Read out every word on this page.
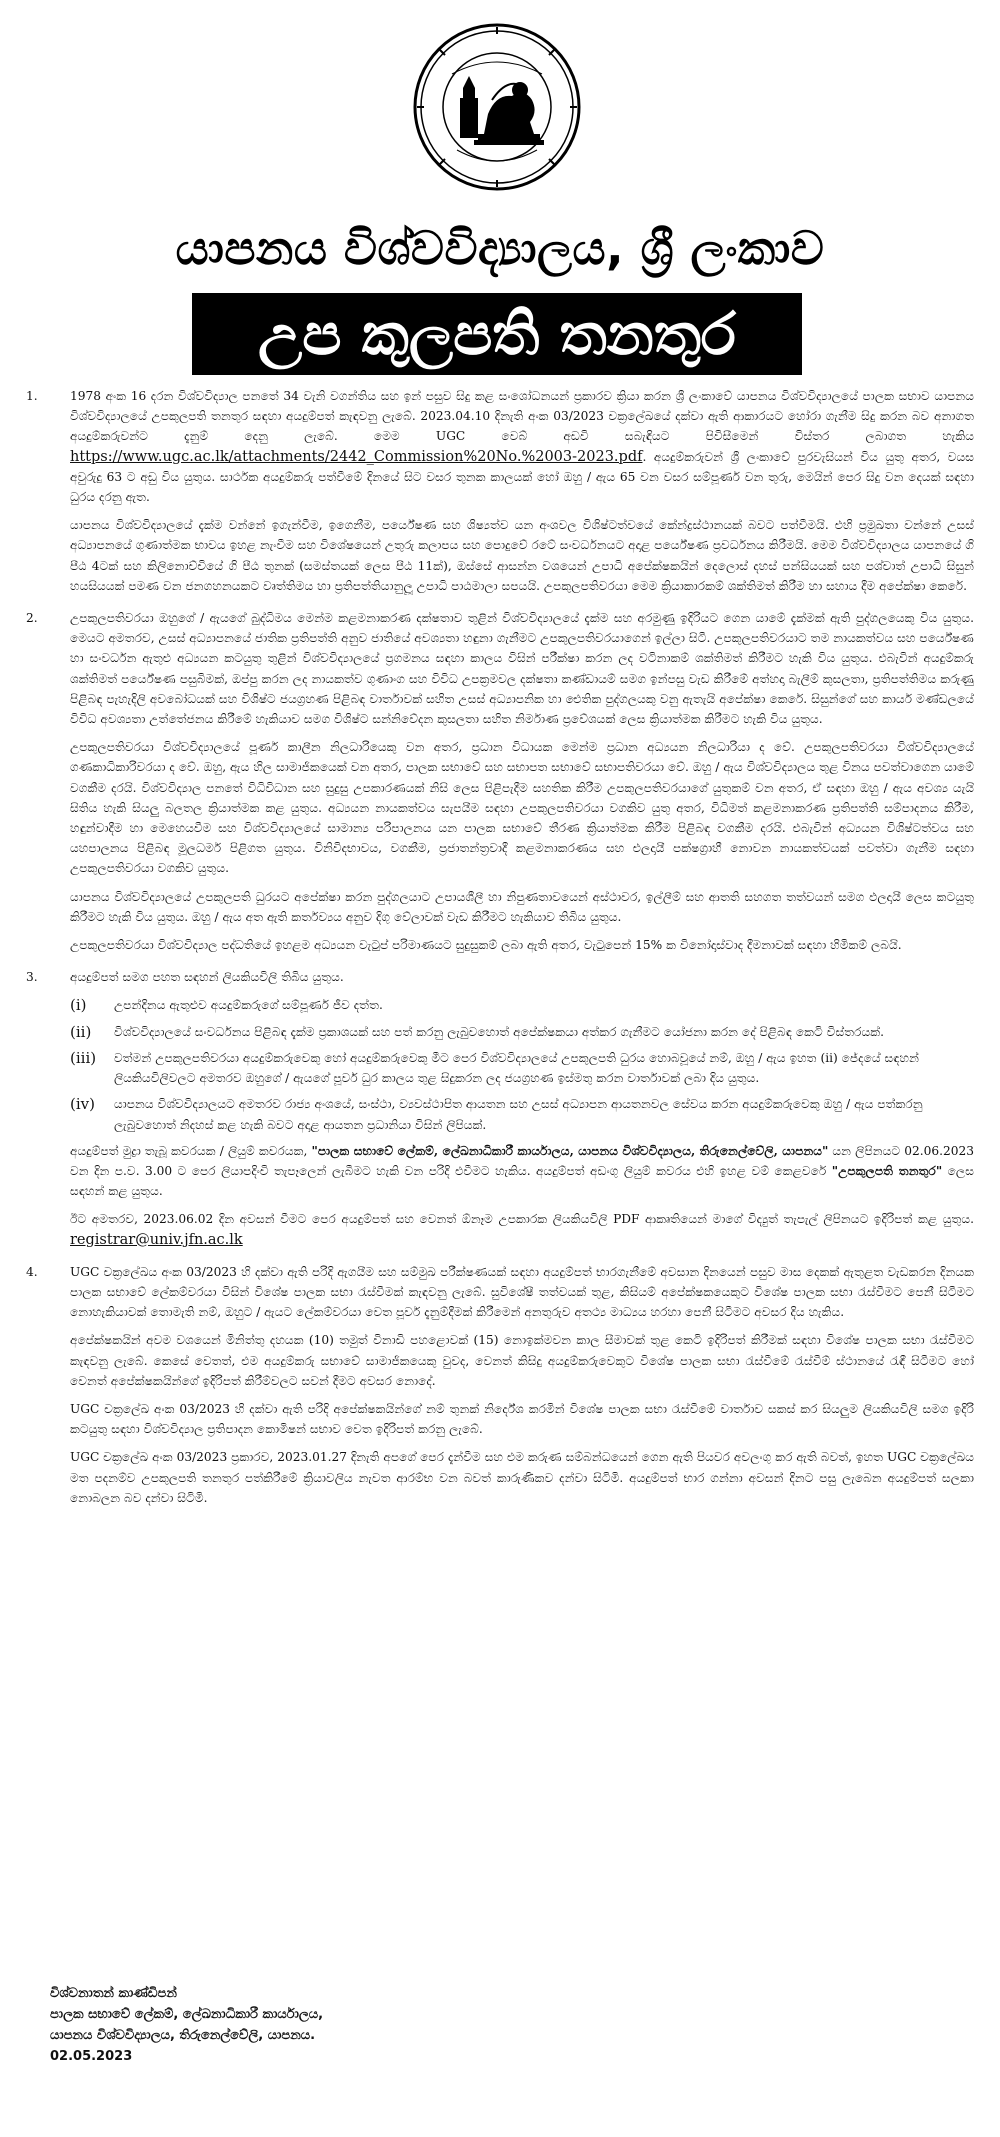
යාපනය විශ්වවිද්‍යාලය, ශ්‍රී ලංකාව
උප කුලපති තනතුර
1.	1978 අංක 16 දරන විශ්වවිද්‍යාල පනතේ 34 වැනි වගන්තිය සහ ඉන් පසුව සිදු කළ සංශෝධනයන් ප්‍රකාරව ක්‍රියා කරන ශ්‍රී ලංකාවේ යාපනය විශ්වවිද්‍යාලයේ පාලක සභාව යාපනය විශ්වවිද්‍යාලයේ උපකුලපති තනතුර සඳහා අයදුම්පත් කැඳවනු ලැබේ. 2023.04.10 දිනැති අංක 03/2023 චක්‍රලේඛයේ දක්වා ඇති ආකාරයට හෝරා ගැනීම සිදු කරන බව අනාගත අයදුම්කරුවන්ට දැනුම් දෙනු ලැබේ. මෙම UGC වෙබ් අඩවි සබැඳියට පිවිසීමෙන් විස්තර ලබාගත හැකිය https://www.ugc.ac.lk/attachments/2442_Commission%20No.%2003-2023.pdf. අයදුම්කරුවන් ශ්‍රී ලංකාවේ පුරවැසියන් විය යුතු අතර, වයස අවුරුදු 63 ට අඩු විය යුතුය. සාර්ථක අයදුම්කරු පත්වීමේ දිනයේ සිට වසර තුනක කාලයක් හෝ ඔහු / ඇය 65 වන වසර සම්පූර්ණ වන තුරු, මෙයින් පෙර සිදු වන දෙයක් සඳහා ධුරය දරනු ඇත.

යාපනය විශ්වවිද්‍යාලයේ දැක්ම වන්නේ ඉගැන්වීම, ඉගෙනීම, පර්යේෂණ සහ ශිෂ්‍යත්ව යන අංශවල විශිෂ්ටත්වයේ කේන්ද්‍රස්ථානයක් බවට පත්වීමයි. එහි ප්‍රමුඛතා වන්නේ උසස් අධ්‍යාපනයේ ගුණාත්මක භාවය ඉහළ නැංවීම සහ විශේෂයෙන් උතුරු කලාපය සහ පොදුවේ රටේ සංවර්ධනයට අදාළ පර්යේෂණ ප්‍රවර්ධනය කිරීමයි. මෙම විශ්වවිද්‍යාලය යාපනයේ ගි පීඨ 4ටක් සහ කිලිනොච්චියේ ගි පීඨ තුනක් (සමස්තයක් ලෙස පීඨ 11ක්), ඔස්සේ ආසන්න වශයෙන් උපාධි අපේක්ෂකයින් දෙලොස් දහස් පන්සියයක් සහ පශ්චාත් උපාධි සිසුන් හයසියයක් පමණ වන ජනගහනයකට වෘත්තිමය හා ප්‍රතිපත්තියානුලූ උපාධි පාඨමාලා සපයයි. උපකුලපතිවරයා මෙම ක්‍රියාකාරකම් ශක්තිමත් කිරීම හා සහාය දීම අපේක්ෂා කෙරේ.

2.	උපකුලපතිවරයා ඔහුගේ / ඇයගේ බුද්ධිමය මෙන්ම කළමනාකරණ දක්ෂතාව තුළින් විශ්වවිද්‍යාලයේ දැක්ම සහ අරමුණු ඉදිරියට ගෙන යාමේ දැක්මක් ඇති පුද්ගලයෙකු විය යුතුය. මෙයට අමතරව, උසස් අධ්‍යාපනයේ ජාතික ප්‍රතිපත්ති අනුව ජාතියේ අවශ්‍යතා හඳුනා ගැනීමට උපකුලපතිවරයාගෙන් ඉල්ලා සිටී. උපකුලපතිවරයාට තම නායකත්වය සහ පර්යේෂණ හා සංවර්ධන ඇතුළු අධ්‍යයන කටයුතු තුළින් විශ්වවිද්‍යාලයේ ප්‍රගමනය සඳහා කාලය විසින් පරීක්ෂා කරන ලද වටිනාකම් ශක්තිමත් කිරීමට හැකි විය යුතුය. එබැවින් අයදුම්කරු ශක්තිමත් පර්යේෂණ පසුබිමක්, ඔප්පු කරන ලද නායකත්ව ගුණාංග සහ විවිධ උපක්‍රමවල දක්ෂතා කණ්ඩායම් සමග ඉන්පසු වැඩ කිරීමේ අත්හදා බැලීම් කුසලතා, ප්‍රතිපත්තිමය කරුණු පිළිබඳ පැහැදිලි අවබෝධයක් සහ විශිෂ්ට ජයග්‍රහණ පිළිබඳ වාර්තාවක් සහිත උසස් අධ්‍යාපනික හා ඓතික පුද්ගලයකු වනු ඇතැයි අපේක්ෂා කෙරේ. සිසුන්ගේ සහ කාර්ය මණ්ඩලයේ විවිධ අවශ්‍යතා උත්තේජනය කිරීමේ හැකියාව සමග විශිෂ්ට සන්නිවේදන කුසලතා සහිත නිර්මාණ ප්‍රවේශයක් ලෙස ක්‍රියාත්මක කිරීමට හැකි විය යුතුය.

උපකුලපතිවරයා විශ්වවිද්‍යාලයේ පූර්ණ කාලීන නිලධාරියෙකු වන අතර, ප්‍රධාන විධායක මෙන්ම ප්‍රධාන අධ්‍යයන නිලධාරියා ද වේ. උපකුලපතිවරයා විශ්වවිද්‍යාලයේ ගණකාධිකාරිවරයා ද වේ. ඔහු, ඇය හිල සාමාජිකයෙක් වන අතර, පාලක සභාවේ සහ සභාපත සභාවේ සභාපතිවරයා වේ. ඔහු / ඇය විශ්වවිද්‍යාලය තුළ විනය පවත්වාගෙන යාමේ වගකීම දරයි. විශ්වවිද්‍යාල පනතේ විධිවිධාන සහ සුදුසු උපකාරණයක් නිසි ලෙස පිළිපැදීම සහතික කිරීම උපකුලපතිවරයාගේ යුතුකම් වන අතර, ඒ සඳහා ඔහු / ඇය අවශ්‍ය යැයි සිතිය හැකි සියලු බලතල ක්‍රියාත්මක කළ යුතුය. අධ්‍යයන නායකත්වය සැපයීම සඳහා උපකුලපතිවරයා වගකිව යුතු අතර, විධිමත් කළමනාකරණ ප්‍රතිපත්ති සම්පාදනය කිරීම, හඳුන්වාදීම හා මෙහෙයවීම සහ විශ්වවිද්‍යාලයේ සාමාන්‍ය පරිපාලනය යන පාලක සභාවේ තීරණ ක්‍රියාත්මක කිරීම පිළිබඳ වගකීම දරයි. එබැවින් අධ්‍යයන විශිෂ්ටත්වය සහ යහපාලනය පිළිබඳ මූලධර්ම පිළිගත යුතුය. විනිවිදභාවය, වගකීම, ප්‍රජාතන්ත්‍රවාදී කළමනාකරණය සහ එලදායී පක්ෂග්‍රාහී නොවන නායකත්වයක් පවත්වා ගැනීම සඳහා උපකුලපතිවරයා වගකිව යුතුය.

යාපනය විශ්වවිද්‍යාලයේ උපකුලපති ධුරයට අපේක්ෂා කරන පුද්ගලයාට උපායශීලී හා නිපුණතාවයෙන් අස්ථාවර, ඉල්ලීම් සහ ආතති සහගත තත්වයන් සමග ඵලදායී ලෙස කටයුතු කිරීමට හැකි විය යුතුය. ඔහු / ඇය අත ඇති කර්තව්‍යය අනුව දිගු වේලාවක් වැඩ කිරීමට හැකියාව තිබිය යුතුය.

උපකුලපතිවරයා විශ්වවිද්‍යාල පද්ධතියේ ඉහළම අධ්‍යයන වැටුප් පරිමාණයට සුදුසුකම් ලබා ඇති අතර, වැටුපෙන් 15% ක විනෝදාස්වාද දීමනාවක් සඳහා හිමිකම් ලබයි.

3.	අයදුම්පත් සමග පහත සඳහන් ලියකියවිලි තිබිය යුතුය.

(i)	උපන්දිනය ඇතුළුව අයදුම්කරුගේ සම්පූර්ණ ජීව දත්ත.
(ii)	විශ්වවිද්‍යාලයේ සංවර්ධනය පිළිබඳ දැක්ම ප්‍රකාශයක් සහ පත් කරනු ලැබුවහොත් අපේක්ෂකයා අත්කර ගැනීමට යෝජනා කරන දේ පිළිබඳ කෙටි විස්තරයක්.
(iii)	වත්මන් උපකුලපතිවරයා අයදුම්කරුවෙකු හෝ අයදුම්කරුවෙකු මීට පෙර විශ්වවිද්‍යාලයේ උපකුලපති ධුරය හොබවූයේ නම්, ඔහු / ඇය ඉහත (ii) ජේදයේ සඳහන් ලියකියවිලිවලට අමතරව ඔහුගේ / ඇයගේ පූර්ව ධුර කාලය තුළ සිදුකරන ලද ජයග්‍රහණ ඉස්මතු කරන වාර්තාවක් ලබා දිය යුතුය.
(iv)	යාපනය විශ්වවිද්‍යාලයට අමතරව රාජ්‍ය අංශයේ, සංස්ථා, ව්‍යවස්ථාපිත ආයතන සහ උසස් අධ්‍යාපන ආයතනවල සේවය කරන අයදුම්කරුවෙකු ඔහු / ඇය පත්කරනු ලැබුවහොත් නිදහස් කළ හැකි බවට අදාළ ආයතන ප්‍රධානියා විසින් ලිපියක්.

අයදුම්පත් මුද්‍රා තැබූ කවරයක / ලියුම් කවරයක, "පාලක සභාවේ ලේකම්, ලේඛනාධිකාරී කාර්යාලය, යාපනය විශ්වවිද්‍යාලය, තිරුනෙල්වේලි, යාපනය" යන ලිපිනයට 02.06.2023 වන දින ප.ව. 3.00 ට පෙර ලියාපදිංචි තැපෑලෙන් ලැබීමට හැකි වන පරිදි එවීමට හැකිය. අයදුම්පත් අඩංගු ලියුම් කවරය එහි ඉහළ වම් කෙළවරේ "උපකුලපති තනතුර" ලෙස සඳහන් කළ යුතුය.

ඊට අමතරව, 2023.06.02 දින අවසන් වීමට පෙර අයදුම්පත් සහ වෙනත් ඕනෑම උපකාරක ලියකියවිලි PDF ආකෘතියෙන් මාගේ විද්‍යුත් තැපැල් ලිපිනයට ඉදිරිපත් කළ යුතුය. registrar@univ.jfn.ac.lk

4.	UGC චක්‍රලේඛය අංක 03/2023 හි දක්වා ඇති පරිදි ඇගයීම සහ සම්මුඛ පරීක්ෂණයක් සඳහා අයදුම්පත් භාරගැනීමේ අවසාන දිනයෙන් පසුව මාස දෙකක් ඇතුළත වැඩකරන දිනයක පාලක සභාවේ ලේකම්වරයා විසින් විශේෂ පාලක සභා රැස්වීමක් කැඳවනු ලැබේ. සුවිශේෂී තත්වයක් තුළ, කිසියම් අපේක්ෂකයෙකුට විශේෂ පාලක සභා රැස්වීමට පෙනී සිටීමට නොහැකියාවක් තොමැති නම්, ඔහුට / ඇයට ලේකම්වරයා වෙත පූර්ව දැනුම්දීමක් කිරීමෙන් අනතුරුව අතථ්‍ය මාධ්‍යය හරහා පෙනී සිටීමට අවසර දිය හැකිය.

අපේක්ෂකයින් අවම වශයෙන් මිනිත්තු දහයක (10) තමුත් විනාඩි පහළොවක් (15) නොඉක්මවන කාල සීමාවක් තුළ කෙටි ඉදිරිපත් කිරීමක් සඳහා විශේෂ පාලක සභා රැස්වීමට කැඳවනු ලැබේ. කෙසේ වෙතත්, එම අයදුම්කරු සභාවේ සාමාජිකයෙකු වුවද, වෙනත් කිසිදු අයදුම්කරුවෙකුට විශේෂ පාලක සභා රැස්වීමේ රැස්වීම් ස්ථානයේ රැඳී සිටීමට හෝ වෙනත් අපේක්ෂකයින්ගේ ඉදිරිපත් කිරීම්වලට සවන් දීමට අවසර නොදේ.

UGC චක්‍රලේඛ අංක 03/2023 හි දක්වා ඇති පරිදි අපේක්ෂකයින්ගේ නම් තුනක් නිර්දේශ කරමින් විශේෂ පාලක සභා රැස්වීමේ වාර්තාව සකස් කර සියලුම ලියකියවිලි සමග ඉදිරි කටයුතු සඳහා විශ්වවිද්‍යාල ප්‍රතිපාදන කොමිෂන් සභාව වෙත ඉදිරිපත් කරනු ලැබේ.

UGC චක්‍රලේඛ අංක 03/2023 ප්‍රකාරව, 2023.01.27 දිනැති අපගේ පෙර දැන්වීම සහ එම කරුණ සම්බන්ධයෙන් ගෙන ඇති පියවර අවලංගු කර ඇති බවත්, ඉහත UGC චක්‍රලේඛය මත පදනම්ව උපකුලපති තනතුර පත්කිරීමේ ක්‍රියාවලිය නැවත ආරම්භ වන බවත් කාරුණිකව දන්වා සිටිමි. අයදුම්පත් භාර ගන්නා අවසන් දිනට පසු ලැබෙන අයදුම්පත් සලකා නොබලන බව දන්වා සිටිමි.

විශ්වනාතන් කාණ්ඩිපන්
පාලක සභාවේ ලේකම්, ලේඛනාධිකාරී කාර්යාලය,
යාපනය විශ්වවිද්‍යාලය, තිරුනෙල්වේලි, යාපනය.
02.05.2023
